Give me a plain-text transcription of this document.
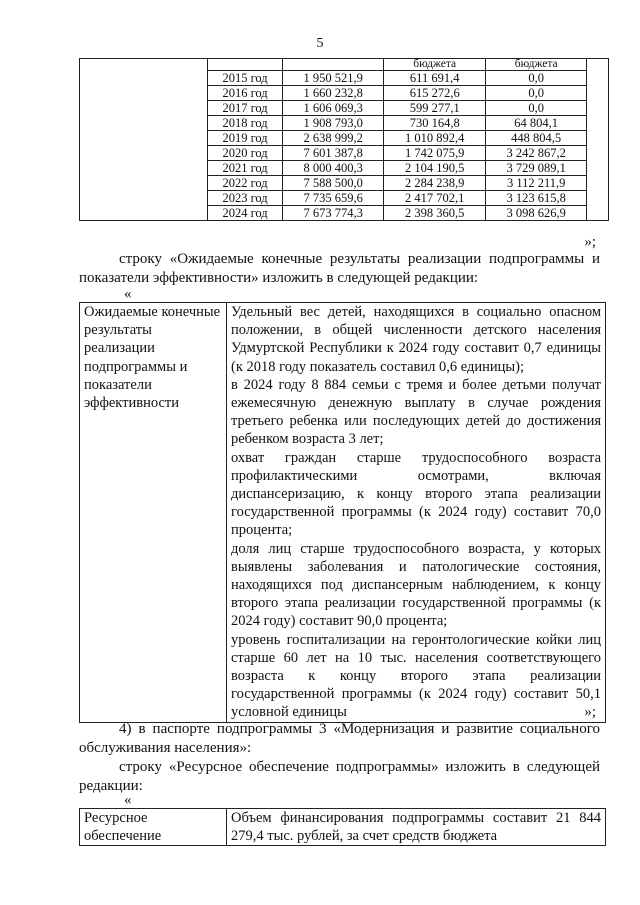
5
			бюджета	бюджета	
	2015 год	1 950 521,9	611 691,4	0,0	
	2016 год	1 660 232,8	615 272,6	0,0	
	2017 год	1 606 069,3	599 277,1	0,0	
	2018 год	1 908 793,0	730 164,8	64 804,1	
	2019 год	2 638 999,2	1 010 892,4	448 804,5	
	2020 год	7 601 387,8	1 742 075,9	3 242 867,2	
	2021 год	8 000 400,3	2 104 190,5	3 729 089,1	
	2022 год	7 588 500,0	2 284 238,9	3 112 211,9	
	2023 год	7 735 659,6	2 417 702,1	3 123 615,8	
	2024 год	7 673 774,3	2 398 360,5	3 098 626,9	
»;
строку «Ожидаемые конечные результаты реализации подпрограммы и показатели эффективности» изложить в следующей редакции:
«
Ожидаемые конечные результаты реализации подпрограммы и показатели эффективности	
Удельный вес детей, находящихся в социально опасном положении, в общей численности детского населения Удмуртской Республики к 2024 году составит 0,7 единицы (к 2018 году показатель составил 0,6 единицы);
в 2024 году 8 884 семьи с тремя и более детьми получат ежемесячную денежную выплату в случае рождения третьего ребенка или последующих детей до достижения ребенком возраста 3 лет;
охват граждан старше трудоспособного возраста профилактическими осмотрами, включая диспансеризацию, к концу второго этапа реализации государственной программы (к 2024 году) составит 70,0 процента;
доля лиц старше трудоспособного возраста, у которых выявлены заболевания и патологические состояния, находящихся под диспансерным наблюдением, к концу второго этапа реализации государственной программы (к 2024 году) составит 90,0 процента;
уровень госпитализации на геронтологические койки лиц старше 60 лет на 10 тыс. населения соответствующего возраста к концу второго этапа реализации государственной программы (к 2024 году) составит 50,1 условной единицы	»;
4) в паспорте подпрограммы 3 «Модернизация и развитие социального обслуживания населения»:
строку «Ресурсное обеспечение подпрограммы» изложить в следующей редакции:
«
Ресурсное обеспечение	Объем финансирования подпрограммы составит 21 844 279,4 тыс. рублей, за счет средств бюджета
